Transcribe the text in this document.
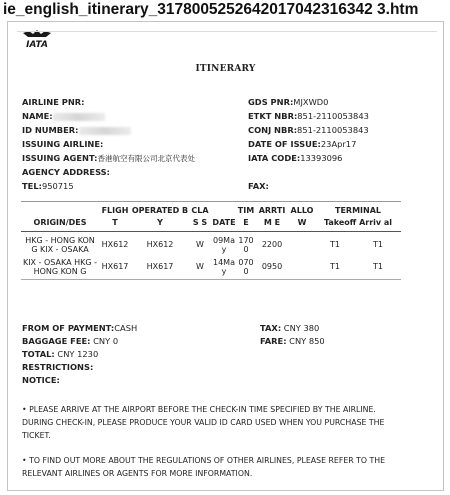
ie_english_itinerary_3178005252642017042316342 3.htm
IATA
ITINERARY
AIRLINE PNR:
NAME:
ID NUMBER:
ISSUING AIRLINE:
ISSUING AGENT:香港航空有限公司北京代表处
AGENCY ADDRESS:
TEL:950715
GDS PNR:MJXWD0
ETKT NBR:851-2110053843
CONJ NBR:851-2110053843
DATE OF ISSUE:23Apr17
IATA CODE:13393096
FAX:

ORIGIN/DES	FLIGH T	OPERATED B Y	CLAS S	DATE	TIM E	ARRTIM E	ALLO W	TERMINAL
Takeoff Arriv al	

HKG - HONG KON G KIX - OSAKA	HX612	HX612	W	09Ma y	170 0	2200		T1	T1

KIX - OSAKA HKG - HONG KON G	HX617	HX617	W	14Ma y	070 0	0950		T1	T1

FROM OF PAYMENT:CASH	TAX: CNY 380
BAGGAGE FEE: CNY 0	FARE: CNY 850
TOTAL: CNY 1230
RESTRICTIONS:
NOTICE:
• PLEASE ARRIVE AT THE AIRPORT BEFORE THE CHECK-IN TIME SPECIFIED BY THE AIRLINE. DURING CHECK-IN, PLEASE PRODUCE YOUR VALID ID CARD USED WHEN YOU PURCHASE THE TICKET.
• TO FIND OUT MORE ABOUT THE REGULATIONS OF OTHER AIRLINES, PLEASE REFER TO THE RELEVANT AIRLINES OR AGENTS FOR MORE INFORMATION.
